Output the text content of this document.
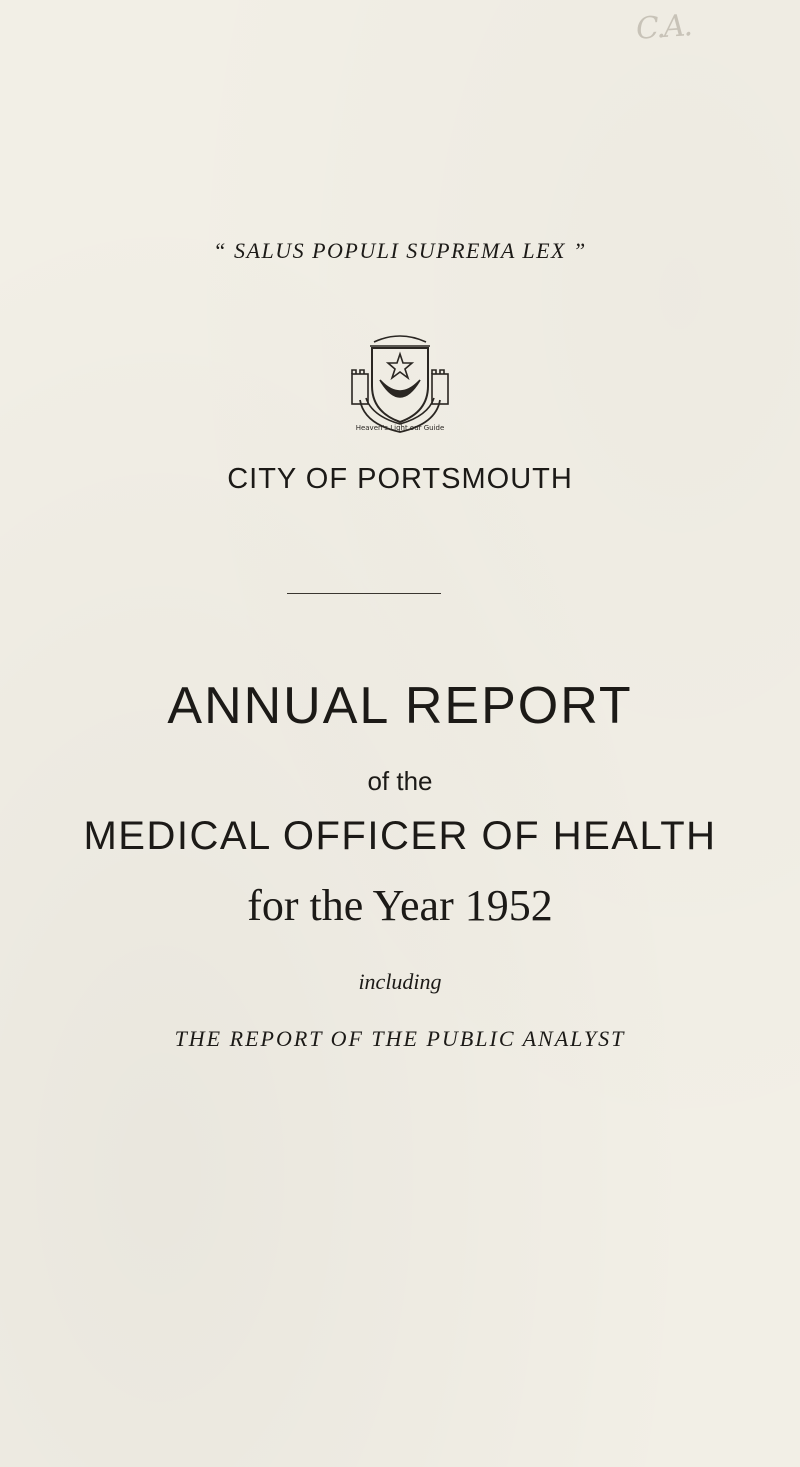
C.A.
“ SALUS POPULI SUPREMA LEX ”
Heaven's Light our Guide
CITY OF PORTSMOUTH
ANNUAL REPORT
of the
MEDICAL OFFICER OF HEALTH
for the Year 1952
including
THE REPORT OF THE PUBLIC ANALYST
